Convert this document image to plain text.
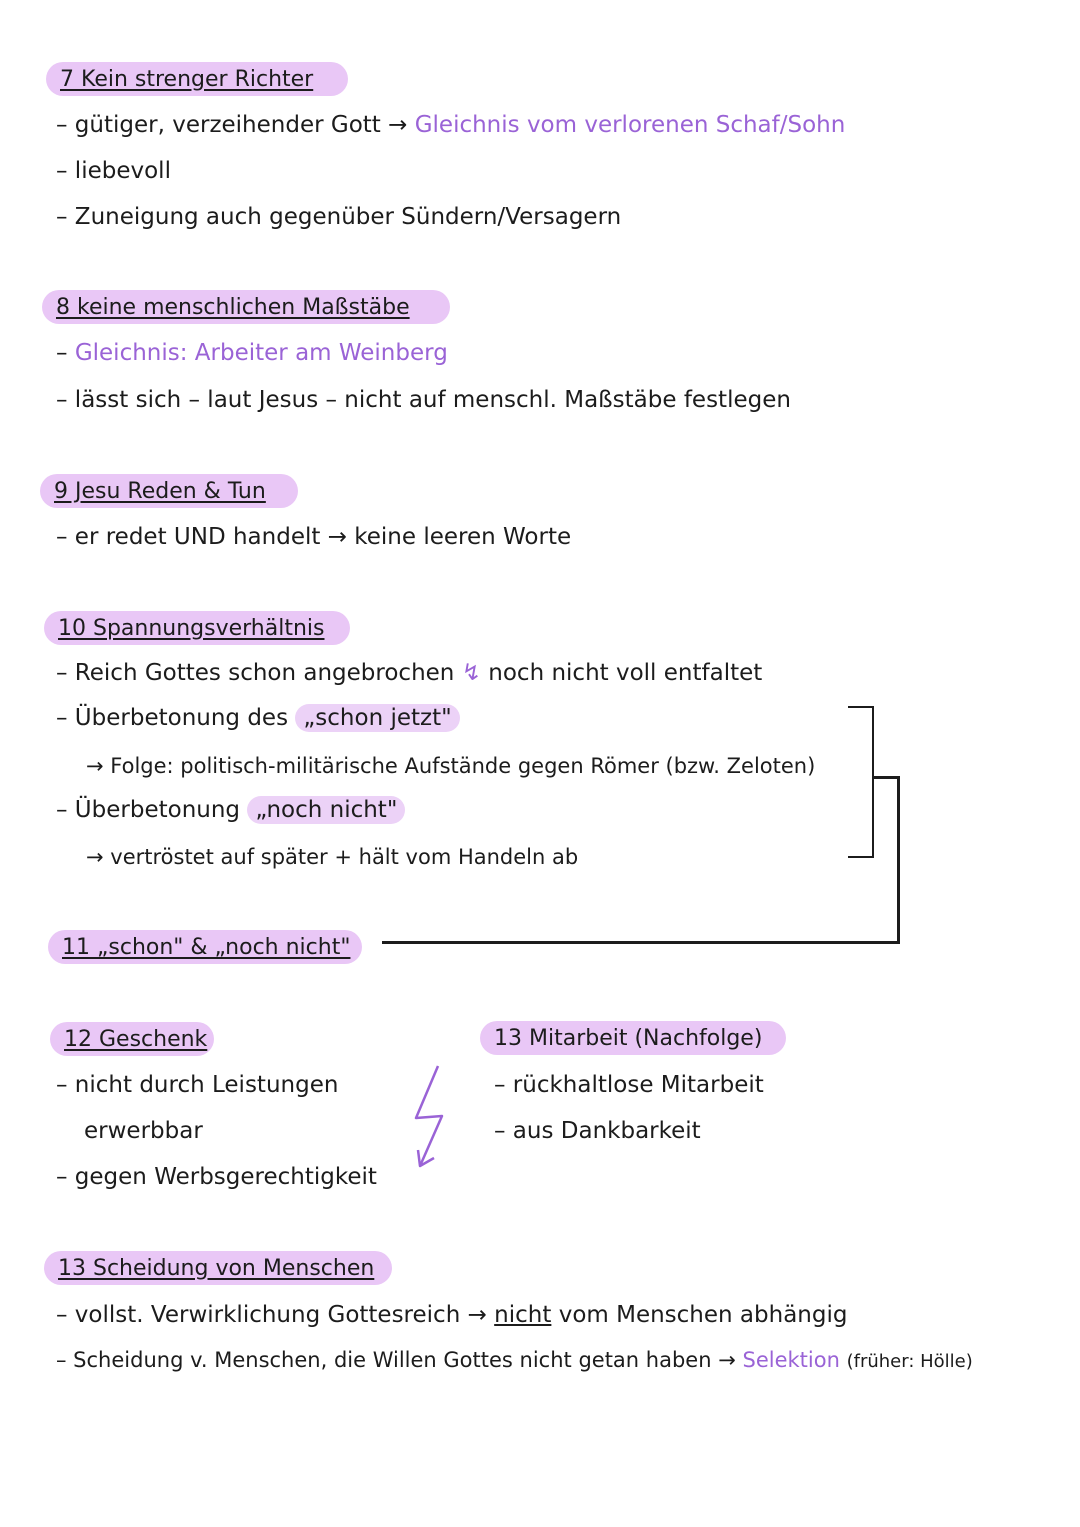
7 Kein strenger Richter
– gütiger, verzeihender Gott → Gleichnis vom verlorenen Schaf/Sohn
– liebevoll
– Zuneigung auch gegenüber Sündern/Versagern
8 keine menschlichen Maßstäbe
– Gleichnis: Arbeiter am Weinberg
– lässt sich – laut Jesus – nicht auf menschl. Maßstäbe festlegen
9 Jesu Reden & Tun
– er redet UND handelt → keine leeren Worte
10 Spannungsverhältnis
– Reich Gottes schon angebrochen ↯ noch nicht voll entfaltet
– Überbetonung des „schon jetzt"
→ Folge: politisch-militärische Aufstände gegen Römer (bzw. Zeloten)
– Überbetonung „noch nicht"
→ vertröstet auf später + hält vom Handeln ab
11 „schon" & „noch nicht"
12 Geschenk
– nicht durch Leistungen
erwerbbar
– gegen Werbsgerechtigkeit
13 Mitarbeit (Nachfolge)
– rückhaltlose Mitarbeit
– aus Dankbarkeit
13 Scheidung von Menschen
– vollst. Verwirklichung Gottesreich → nicht vom Menschen abhängig
– Scheidung v. Menschen, die Willen Gottes nicht getan haben → Selektion (früher: Hölle)
